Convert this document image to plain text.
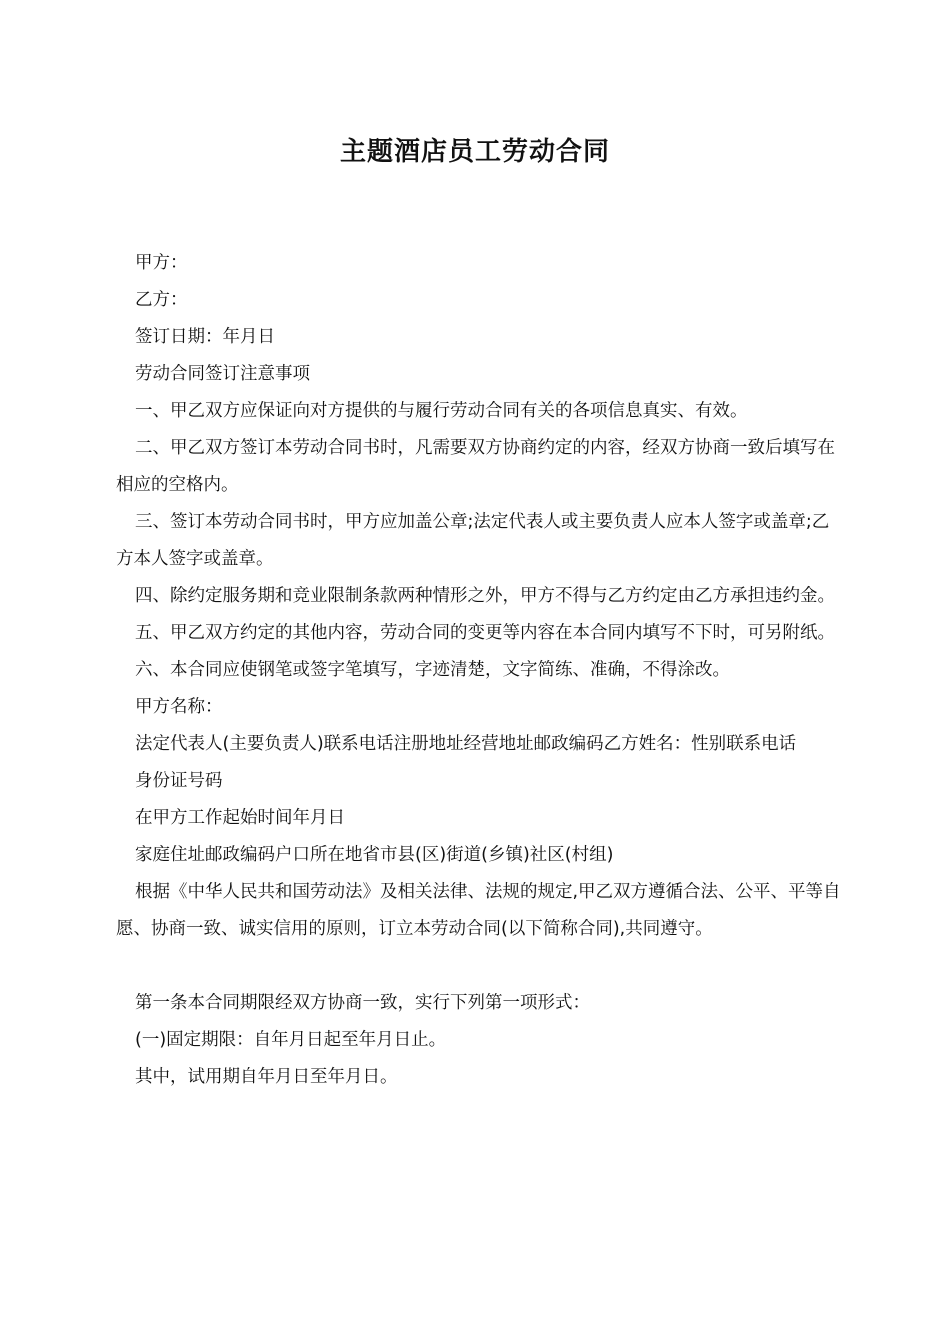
主题酒店员工劳动合同

甲方：

乙方：

签订日期：年月日

劳动合同签订注意事项

一、甲乙双方应保证向对方提供的与履行劳动合同有关的各项信息真实、有效。

二、甲乙双方签订本劳动合同书时，凡需要双方协商约定的内容，经双方协商一致后填写在相应的空格内。

三、签订本劳动合同书时，甲方应加盖公章;法定代表人或主要负责人应本人签字或盖章;乙方本人签字或盖章。

四、除约定服务期和竞业限制条款两种情形之外，甲方不得与乙方约定由乙方承担违约金。

五、甲乙双方约定的其他内容，劳动合同的变更等内容在本合同内填写不下时，可另附纸。

六、本合同应使钢笔或签字笔填写，字迹清楚，文字简练、准确，不得涂改。

甲方名称：

法定代表人(主要负责人)联系电话注册地址经营地址邮政编码乙方姓名：性别联系电话

身份证号码

在甲方工作起始时间年月日

家庭住址邮政编码户口所在地省市县(区)街道(乡镇)社区(村组)

根据《中华人民共和国劳动法》及相关法律、法规的规定,甲乙双方遵循合法、公平、平等自愿、协商一致、诚实信用的原则，订立本劳动合同(以下简称合同),共同遵守。

第一条本合同期限经双方协商一致，实行下列第一项形式：

(一)固定期限：自年月日起至年月日止。

其中，试用期自年月日至年月日。
